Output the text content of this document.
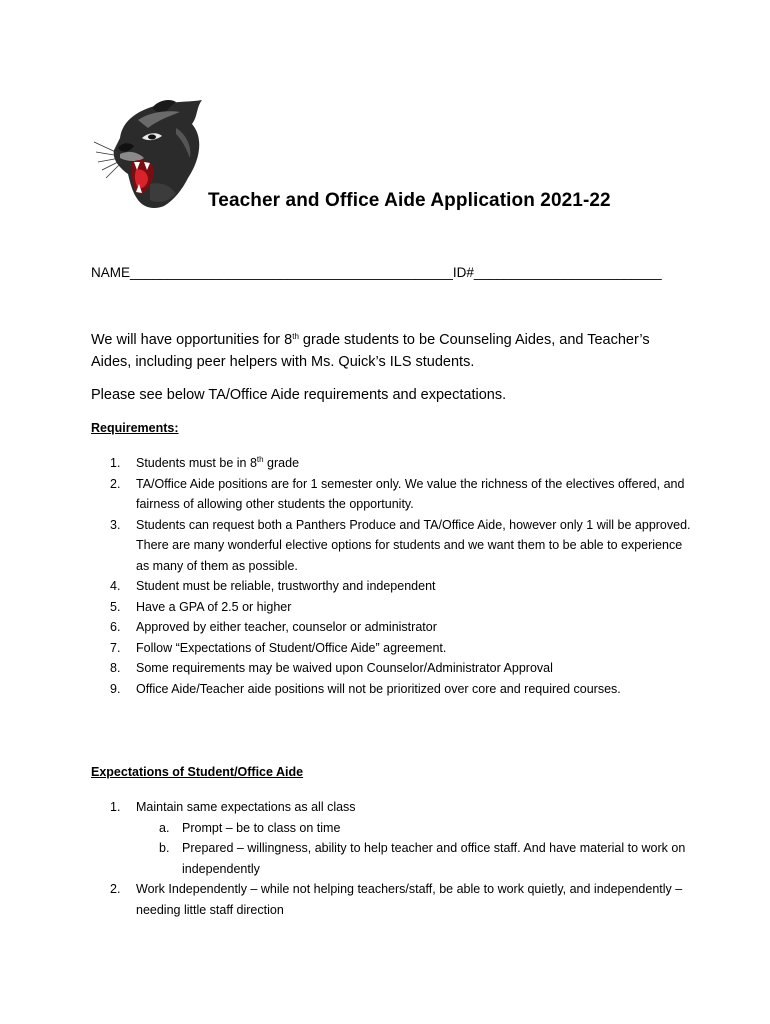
Teacher and Office Aide Application 2021-22
NAME___________________________________________ID#_________________________
We will have opportunities for 8th grade students to be Counseling Aides, and Teacher’s Aides, including peer helpers with Ms. Quick’s ILS students.
Please see below TA/Office Aide requirements and expectations.
Requirements:
1. Students must be in 8th grade
2. TA/Office Aide positions are for 1 semester only. We value the richness of the electives offered, and fairness of allowing other students the opportunity.
3. Students can request both a Panthers Produce and TA/Office Aide, however only 1 will be approved. There are many wonderful elective options for students and we want them to be able to experience as many of them as possible.
4. Student must be reliable, trustworthy and independent
5. Have a GPA of 2.5 or higher
6. Approved by either teacher, counselor or administrator
7. Follow “Expectations of Student/Office Aide” agreement.
8. Some requirements may be waived upon Counselor/Administrator Approval
9. Office Aide/Teacher aide positions will not be prioritized over core and required courses.
Expectations of Student/Office Aide
1. Maintain same expectations as all class
a. Prompt – be to class on time
b. Prepared – willingness, ability to help teacher and office staff. And have material to work on independently
2. Work Independently – while not helping teachers/staff, be able to work quietly, and independently – needing little staff direction
